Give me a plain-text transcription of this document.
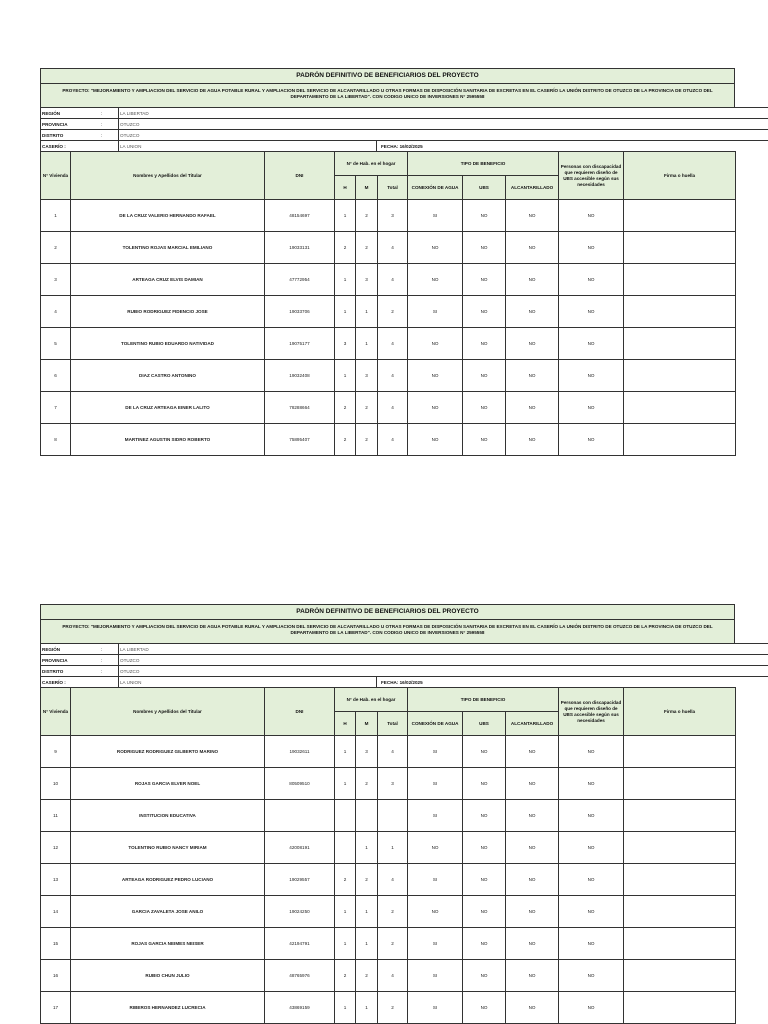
PADRÓN DEFINITIVO DE BENEFICIARIOS DEL PROYECTO
PROYECTO: "MEJORAMIENTO Y AMPLIACION DEL SERVICIO DE AGUA POTABLE RURAL Y AMPLIACION DEL SERVICIO DE ALCANTARILLADO U OTRAS FORMAS DE DISPOSICIÓN SANITARIA DE EXCRETAS EN EL CASERÍO LA UNIÓN DISTRITO DE OTUZCO DE LA PROVINCIA DE OTUZCO DEL DEPARTAMENTO DE LA LIBERTAD". CON CODIGO UNICO DE INVERSIONES N° 2595558
REGIÓN	:	LA LIBERTAD	
PROVINCIA	:	OTUZCO	
DISTRITO	:	OTUZCO	
CASERÍO :		LA UNION	FECHA: 16/02/2025
N° Vivienda	Nombres y Apellidos del Titular	DNI	N° de Hab. en el hogar			TIPO DE BENEFICIO			Personas con discapacidad que requieren diseño de UBS accesible según sus necesidades	Firma o huella
			H	M	Total	CONEXIÓN DE AGUA	UBS	ALCANTARILLADO		
1	DE LA CRUZ VALERIO HERNANDO RAFAEL	48154697	1	2	3	SI	NO	NO	NO	
2	TOLENTINO ROJAS MARCIAL EMILIANO	19033131	2	2	4	NO	NO	NO	NO	
3	ARTEAGA CRUZ ELVIS DAMIAN	47772954	1	3	4	NO	NO	NO	NO	
4	RUBIO RODRIGUEZ FIDENCIO JOSE	19033706	1	1	2	SI	NO	NO	NO	
5	TOLENTINO RUBIO EDUARDO NATIVIDAD	19075177	3	1	4	NO	NO	NO	NO	
6	DIAZ CASTRO ANTONINO	19032408	1	3	4	NO	NO	NO	NO	
7	DE LA CRUZ ARTEAGA EINER LALITO	78288664	2	2	4	NO	NO	NO	NO	
8	MARTINEZ AGUSTIN SIDRO ROBERTO	75895407	2	2	4	NO	NO	NO	NO	
PADRÓN DEFINITIVO DE BENEFICIARIOS DEL PROYECTO
PROYECTO: "MEJORAMIENTO Y AMPLIACION DEL SERVICIO DE AGUA POTABLE RURAL Y AMPLIACION DEL SERVICIO DE ALCANTARILLADO U OTRAS FORMAS DE DISPOSICIÓN SANITARIA DE EXCRETAS EN EL CASERÍO LA UNIÓN DISTRITO DE OTUZCO DE LA PROVINCIA DE OTUZCO DEL DEPARTAMENTO DE LA LIBERTAD". CON CODIGO UNICO DE INVERSIONES N° 2595558
REGIÓN	:	LA LIBERTAD	
PROVINCIA	:	OTUZCO	
DISTRITO	:	OTUZCO	
CASERÍO :		LA UNION	FECHA: 16/02/2025
N° Vivienda	Nombres y Apellidos del Titular	DNI	N° de Hab. en el hogar			TIPO DE BENEFICIO			Personas con discapacidad que requieren diseño de UBS accesible según sus necesidades	Firma o huella
			H	M	Total	CONEXIÓN DE AGUA	UBS	ALCANTARILLADO		
9	RODRIGUEZ RODRIGUEZ GILBERTO MARINO	19032611	1	3	4	SI	NO	NO	NO	
10	ROJAS GARCIA ELVER NOEL	80509510	1	2	3	SI	NO	NO	NO	
11	INSTITUCION EDUCATIVA					SI	NO	NO	NO	
12	TOLENTINO RUBIO NANCY MIRIAM	42008191		1	1	NO	NO	NO	NO	
13	ARTEAGA RODRIGUEZ PEDRO LUCIANO	19029557	2	2	4	SI	NO	NO	NO	
14	GARCIA ZAVALETA JOSE ANILO	19024250	1	1	2	NO	NO	NO	NO	
15	ROJAS GARCIA NEIMES NEISER	42194791	1	1	2	SI	NO	NO	NO	
16	RUBIO CHUN JULIO	48765976	2	2	4	SI	NO	NO	NO	
17	RIBEROS HERNANDEZ LUCRECIA	43869159	1	1	2	SI	NO	NO	NO	
